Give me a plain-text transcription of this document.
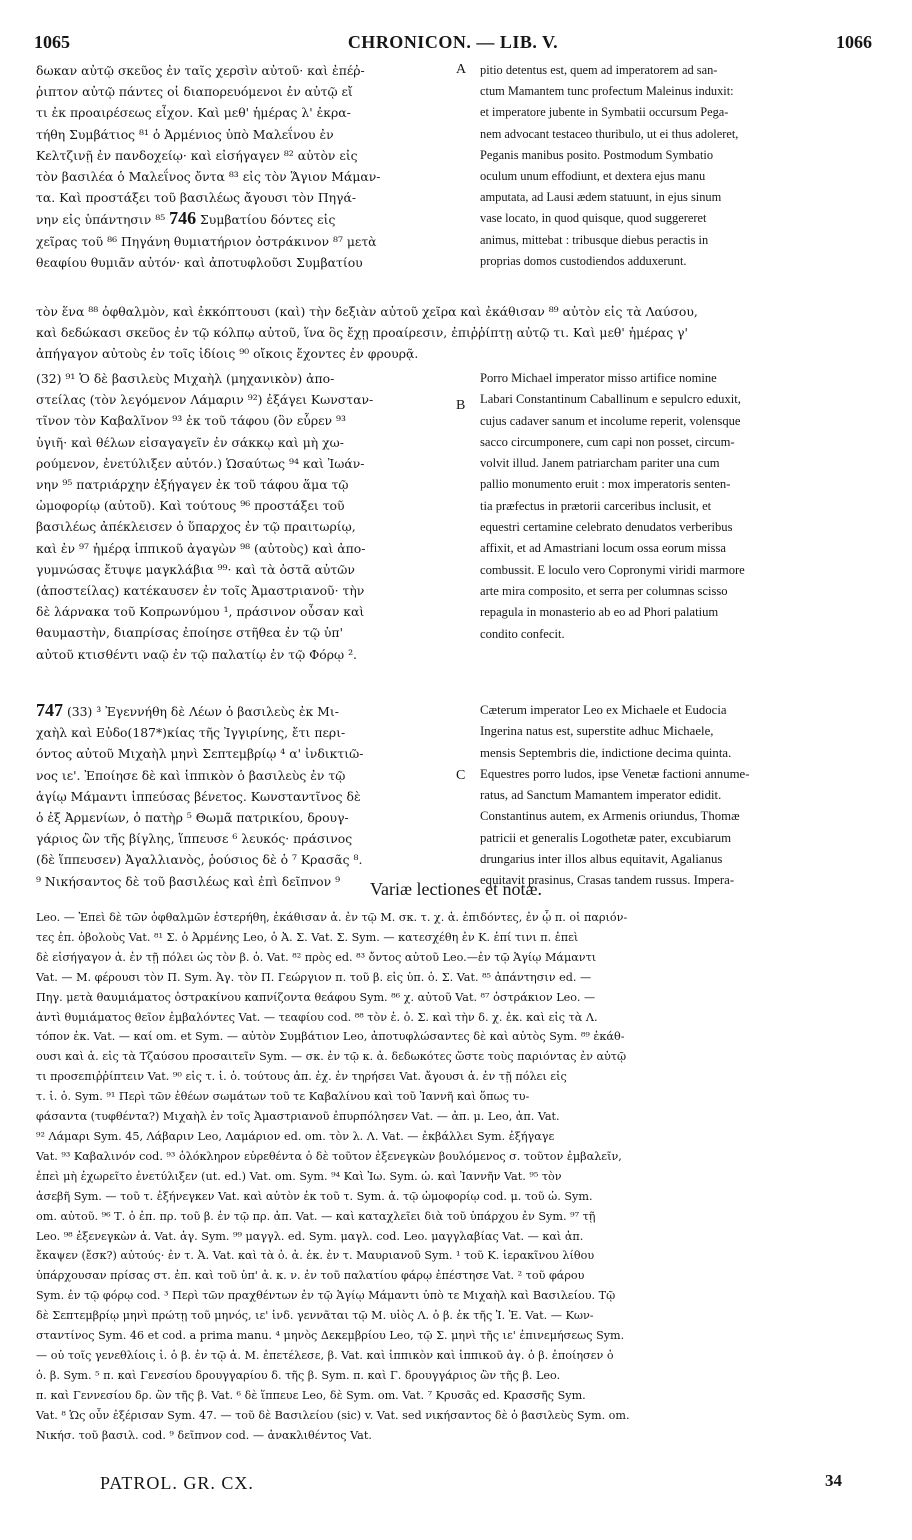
1065	CHRONICON. — LIB. V.	1066
A
B
C
δωκαν αὐτῷ σκεῦος ἐν ταῖς χερσὶν αὐτοῦ· καὶ ἐπέῤ-
ῥιπτον αὐτῷ πάντες οἱ διαπορευόμενοι ἐν αὐτῷ εἴ
τι ἐκ προαιρέσεως εἶχον. Καὶ μεθ' ἡμέρας λ' ἐκρα-
τήθη Συμβάτιος ⁸¹ ὁ Ἀρμένιος ὑπὸ Μαλεΐνου ἐν
Κελτζινῇ ἐν πανδοχείῳ· καὶ εἰσήγαγεν ⁸² αὐτὸν εἰς
τὸν βασιλέα ὁ Μαλεΐνος ὄντα ⁸³ εἰς τὸν Ἅγιον Μάμαν-
τα. Καὶ προστάξει τοῦ βασιλέως ἄγουσι τὸν Πηγά-
νην εἰς ὑπάντησιν ⁸⁵ 746 Συμβατίου δόντες εἰς
χεῖρας τοῦ ⁸⁶ Πηγάνη θυμιατήριον ὀστράκινον ⁸⁷ μετὰ
θεαφίου θυμιᾶν αὐτόν· καὶ ἀποτυφλοῦσι Συμβατίου
pitio detentus est, quem ad imperatorem ad san-
ctum Mamantem tunc profectum Maleinus induxit:
et imperatore jubente in Symbatii occursum Pega-
nem advocant testaceo thuribulo, ut ei thus adoleret,
Peganis manibus posito. Postmodum Symbatio
oculum unum effodiunt, et dextera ejus manu
amputata, ad Lausi ædem statuunt, in ejus sinum
vase locato, in quod quisque, quod suggereret
animus, mittebat : tribusque diebus peractis in
proprias domos custodiendos adduxerunt.
τὸν ἕνα ⁸⁸ ὀφθαλμὸν, καὶ ἐκκόπτουσι (καὶ) τὴν δεξιὰν αὐτοῦ χεῖρα καὶ ἐκάθισαν ⁸⁹ αὐτὸν εἰς τὰ Λαύσου,
καὶ δεδώκασι σκεῦος ἐν τῷ κόλπῳ αὐτοῦ, ἵνα ὃς ἔχῃ προαίρεσιν, ἐπιῤῥίπτῃ αὐτῷ τι. Καὶ μεθ' ἡμέρας γ'
ἀπήγαγον αὐτοὺς ἐν τοῖς ἰδίοις ⁹⁰ οἴκοις ἔχοντες ἐν φρουρᾷ.
(32) ⁹¹ Ὁ δὲ βασιλεὺς Μιχαὴλ (μηχανικὸν) ἀπο-
στείλας (τὸν λεγόμενον Λάμαριν ⁹²) ἐξάγει Κωνσταν-
τῖνον τὸν Καβαλῖνον ⁹³ ἐκ τοῦ τάφου (ὃν εὗρεν ⁹³
ὑγιῆ· καὶ θέλων εἰσαγαγεῖν ἐν σάκκῳ καὶ μὴ χω-
ρούμενον, ἐνετύλιξεν αὐτόν.) Ὡσαύτως ⁹⁴ καὶ Ἰωάν-
νην ⁹⁵ πατριάρχην ἐξήγαγεν ἐκ τοῦ τάφου ἅμα τῷ
ὠμοφορίῳ (αὐτοῦ). Καὶ τούτους ⁹⁶ προστάξει τοῦ
βασιλέως ἀπέκλεισεν ὁ ὕπαρχος ἐν τῷ πραιτωρίῳ,
καὶ ἐν ⁹⁷ ἡμέρᾳ ἱππικοῦ ἀγαγὼν ⁹⁸ (αὐτοὺς) καὶ ἀπο-
γυμνώσας ἔτυψε μαγκλάβια ⁹⁹· καὶ τὰ ὀστᾶ αὐτῶν
(ἀποστείλας) κατέκαυσεν ἐν τοῖς Ἀμαστριανοῦ· τὴν
δὲ λάρνακα τοῦ Κοπρωνύμου ¹, πράσινον οὖσαν καὶ
θαυμαστὴν, διαπρίσας ἐποίησε στῆθεα ἐν τῷ ὑπ'
αὐτοῦ κτισθέντι ναῷ ἐν τῷ παλατίῳ ἐν τῷ Φόρῳ ².
Porro Michael imperator misso artifice nomine
Labari Constantinum Caballinum e sepulcro eduxit,
cujus cadaver sanum et incolume reperit, volensque
sacco circumponere, cum capi non posset, circum-
volvit illud. Janem patriarcham pariter una cum
pallio monumento eruit : mox imperatoris senten-
tia præfectus in prætorii carceribus inclusit, et
equestri certamine celebrato denudatos verberibus
affixit, et ad Amastriani locum ossa eorum missa
combussit. E loculo vero Copronymi viridi marmore
arte mira composito, et serra per columnas scisso
repagula in monasterio ab eo ad Phori palatium
condito confecit.
747 (33) ³ Ἐγεννήθη δὲ Λέων ὁ βασιλεὺς ἐκ Μι-
χαὴλ καὶ Εὐδο(187*)κίας τῆς Ἰγγιρίνης, ἔτι περι-
όντος αὐτοῦ Μιχαὴλ μηνὶ Σεπτεμβρίῳ ⁴ α' ἰνδικτιῶ-
νος ιε'. Ἐποίησε δὲ καὶ ἱππικὸν ὁ βασιλεὺς ἐν τῷ
ἁγίῳ Μάμαντι ἱππεύσας βένετος. Κωνσταντῖνος δὲ
ὁ ἐξ Ἀρμενίων, ὁ πατὴρ ⁵ Θωμᾶ πατρικίου, δρουγ-
γάριος ὢν τῆς βίγλης, ἵππευσε ⁶ λευκός· πράσινος
(δὲ ἵππευσεν) Ἀγαλλιανὸς, ῥούσιος δὲ ὁ ⁷ Κρασᾶς ⁸.
⁹ Νικήσαντος δὲ τοῦ βασιλέως καὶ ἐπὶ δεῖπνον ⁹
Cæterum imperator Leo ex Michaele et Eudocia
Ingerina natus est, superstite adhuc Michaele,
mensis Septembris die, indictione decima quinta.
Equestres porro ludos, ipse Venetæ factioni annume-
ratus, ad Sanctum Mamantem imperator edidit.
Constantinus autem, ex Armenis oriundus, Thomæ
patricii et generalis Logothetæ pater, excubiarum
drungarius inter illos albus equitavit, Agalianus
equitavit prasinus, Crasas tandem russus. Impera-
Variæ lectiones et notæ.
Leo. — Ἐπεὶ δὲ τῶν ὀφθαλμῶν ἐστερήθη, ἐκάθισαν ἀ. ἐν τῷ Μ. σκ. τ. χ. ἀ. ἐπιδόντες, ἐν ᾧ π. οἱ παριόν-
τες ἐπ. ὀβολοὺς Vat. ⁸¹ Σ. ὁ Ἀρμένης Leo, ὁ Ἀ. Σ. Vat. Σ. Sym. — κατεσχέθη ἐν Κ. ἐπί τινι π. ἐπεὶ
δὲ εἰσήγαγον ἀ. ἐν τῇ πόλει ὡς τὸν β. ὁ. Vat. ⁸² πρὸς ed. ⁸³ ὄντος αὐτοῦ Leo.—ἐν τῷ Ἁγίῳ Μάμαντι
Vat. — Μ. φέρουσι τὸν Π. Sym. Ἀγ. τὸν Π. Γεώργιον π. τοῦ β. εἰς ὑπ. ὁ. Σ. Vat. ⁸⁵ ἀπάντησιν ed. —
Πηγ. μετὰ θαυμιάματος ὀστρακίνου καπνίζοντα θεάφου Sym. ⁸⁶ χ. αὐτοῦ Vat. ⁸⁷ ὀστράκιον Leo. —
ἀντὶ θυμιάματος θεῖον ἐμβαλόντες Vat. — τεαφίου cod. ⁸⁸ τὸν ἑ. ὁ. Σ. καὶ τὴν δ. χ. ἐκ. καὶ εἰς τὰ Λ.
τόπον ἐκ. Vat. — καί om. et Sym. — αὐτὸν Συμβάτιον Leo, ἀποτυφλώσαντες δὲ καὶ αὐτὸς Sym. ⁸⁹ ἐκάθ-
ουσι καὶ ἀ. εἰς τὰ Τζαύσου προσαιτεῖν Sym. — σκ. ἐν τῷ κ. ἀ. δεδωκότες ὥστε τοὺς παριόντας ἐν αὐτῷ
τι προσεπιῤῥίπτειν Vat. ⁹⁰ εἰς τ. ἰ. ὁ. τούτους ἀπ. ἐχ. ἐν τηρήσει Vat. ἄγουσι ἀ. ἐν τῇ πόλει εἰς
τ. ἰ. ὁ. Sym. ⁹¹ Περὶ τῶν ἐθέων σωμάτων τοῦ τε Καβαλίνου καὶ τοῦ Ἰαννῆ καὶ ὅπως τυ-
φάσαντα (τυφθέντα?) Μιχαὴλ ἐν τοῖς Ἀμαστριανοῦ ἐπυρπόλησεν Vat. — ἀπ. μ. Leo, ἀπ. Vat.
⁹² Λάμαρι Sym. 45, Λάβαριν Leo, Λαμάριον ed. om. τὸν λ. Λ. Vat. — ἐκβάλλει Sym. ἐξήγαγε
Vat. ⁹³ Καβαλινόν cod. ⁹³ ὁλόκληρον εὑρεθέντα ὁ δὲ τοῦτον ἐξενεγκὼν βουλόμενος σ. τοῦτον ἐμβαλεῖν,
ἐπεὶ μὴ ἐχωρεῖτο ἐνετύλιξεν (ut. ed.) Vat. om. Sym. ⁹⁴ Καὶ Ἰω. Sym. ὡ. καὶ Ἰαννῆν Vat. ⁹⁵ τὸν
ἀσεβῆ Sym. — τοῦ τ. ἐξήνεγκεν Vat. καὶ αὐτὸν ἐκ τοῦ τ. Sym. ἁ. τῷ ὠμοφορίῳ cod. μ. τοῦ ὡ. Sym.
om. αὐτοῦ. ⁹⁶ Τ. ὁ ἐπ. πρ. τοῦ β. ἐν τῷ πρ. ἀπ. Vat. — καὶ καταχλεῖει διὰ τοῦ ὑπάρχου ἐν Sym. ⁹⁷ τῇ
Leo. ⁹⁸ ἐξενεγκὼν ἀ. Vat. ἀγ. Sym. ⁹⁹ μαγγλ. ed. Sym. μαγλ. cod. Leo. μαγγλαβίας Vat. — καὶ ἀπ.
ἔκαψεν (ἔσκ?) αὐτούς· ἐν τ. Ἀ. Vat. καὶ τὰ ὀ. ἀ. ἐκ. ἐν τ. Μαυριανοῦ Sym. ¹ τοῦ Κ. ἱερακῖνου λίθου
ὑπάρχουσαν πρίσας στ. ἐπ. καὶ τοῦ ὑπ' ἀ. κ. ν. ἐν τοῦ παλατίου φάρῳ ἐπέστησε Vat. ² τοῦ φάρου
Sym. ἐν τῷ φόρῳ cod. ³ Περὶ τῶν πραχθέντων ἐν τῷ Ἁγίῳ Μάμαντι ὑπὸ τε Μιχαὴλ καὶ Βασιλείου. Τῷ
δὲ Σεπτεμβρίῳ μηνὶ πρώτῃ τοῦ μηνός, ιε' ἰνδ. γεννᾶται τῷ Μ. υἱὸς Λ. ὁ β. ἐκ τῆς Ἰ. Ἐ. Vat. — Κων-
σταντίνος Sym. 46 et cod. a prima manu. ⁴ μηνὸς Δεκεμβρίου Leo, τῷ Σ. μηνὶ τῆς ιε' ἐπινεμήσεως Sym.
— οὐ τοῖς γενεθλίοις ἱ. ὁ β. ἐν τῷ ἁ. Μ. ἐπετέλεσε, β. Vat. καὶ ἱππικὸν καὶ ἱππικοῦ ἀγ. ὁ β. ἐποίησεν ὁ
ὁ. β. Sym. ⁵ π. καὶ Γενεσίου δρουγγαρίου δ. τῆς β. Sym. π. καὶ Γ. δρουγγάριος ὢν τῆς β. Leo.
π. καὶ Γεννεσίου δρ. ὢν τῆς β. Vat. ⁶ δὲ ἵππευε Leo, δὲ Sym. om. Vat. ⁷ Κρυσᾶς ed. Κρασσῆς Sym.
Vat. ⁸ Ὡς οὖν ἐξέρισαν Sym. 47. — τοῦ δὲ Βασιλείου (sic) v. Vat. sed νικήσαντος δὲ ὁ βασιλεὺς Sym. om.
Νικήσ. τοῦ βασιλ. cod. ⁹ δεῖπνον cod. — ἀνακλιθέντος Vat.
PATROL. GR. CX.	34
